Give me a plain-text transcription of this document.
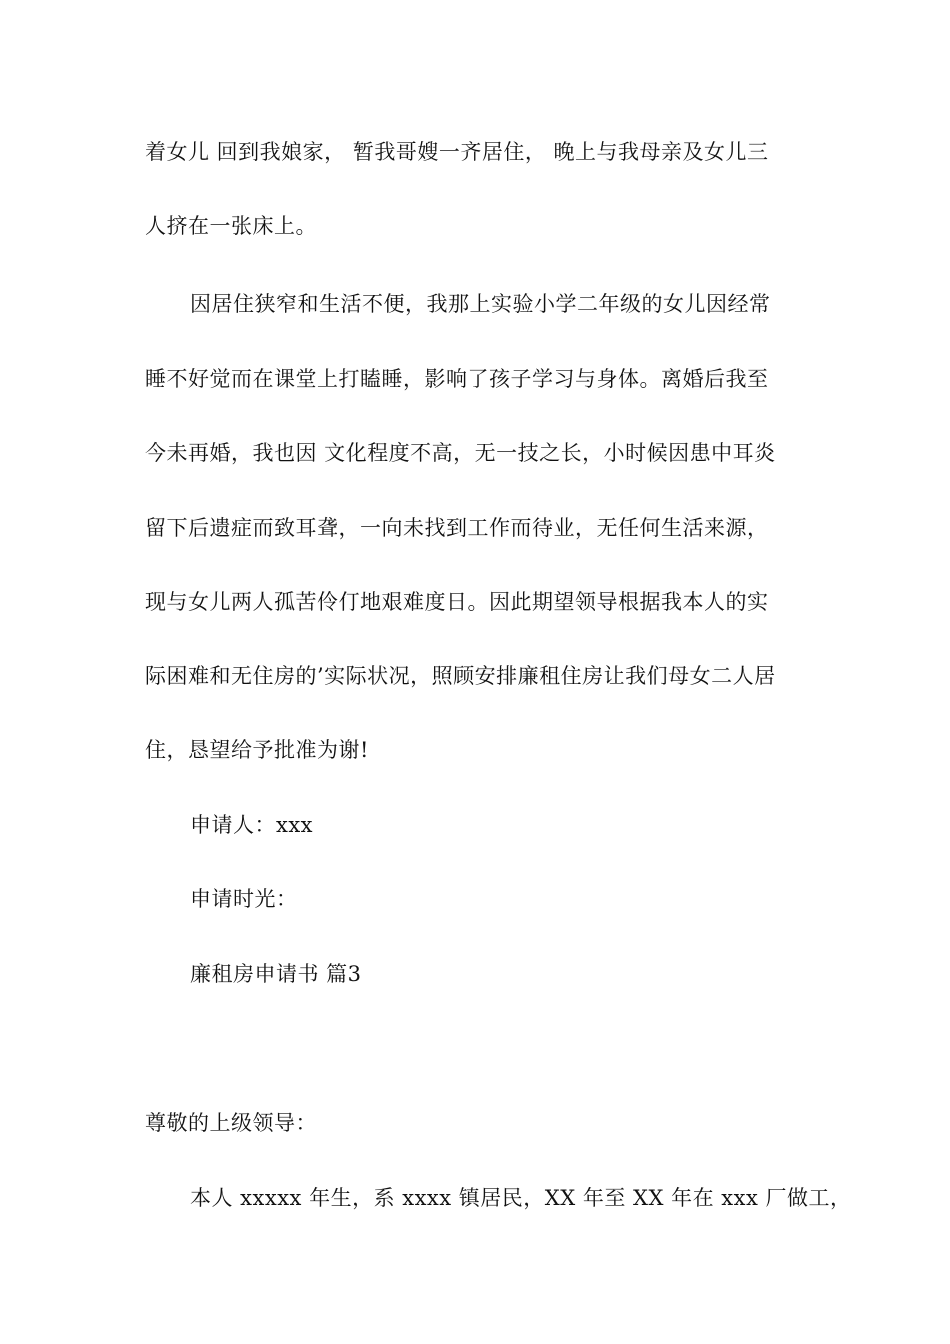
着女儿 回到我娘家， 暂我哥嫂一齐居住， 晚上与我母亲及女儿三
人挤在一张床上。
因居住狭窄和生活不便，我那上实验小学二年级的女儿因经常
睡不好觉而在课堂上打瞌睡，影响了孩子学习与身体。离婚后我至
今未再婚，我也因 文化程度不高，无一技之长，小时候因患中耳炎
留下后遗症而致耳聋，一向未找到工作而待业，无任何生活来源，
现与女儿两人孤苦伶仃地艰难度日。因此期望领导根据我本人的实
际困难和无住房的’实际状况，照顾安排廉租住房让我们母女二人居
住，恳望给予批准为谢!
申请人：xxx
申请时光：
廉租房申请书 篇3
尊敬的上级领导：
本人 xxxxx 年生，系 xxxx 镇居民，XX 年至 XX 年在 xxx 厂做工，
